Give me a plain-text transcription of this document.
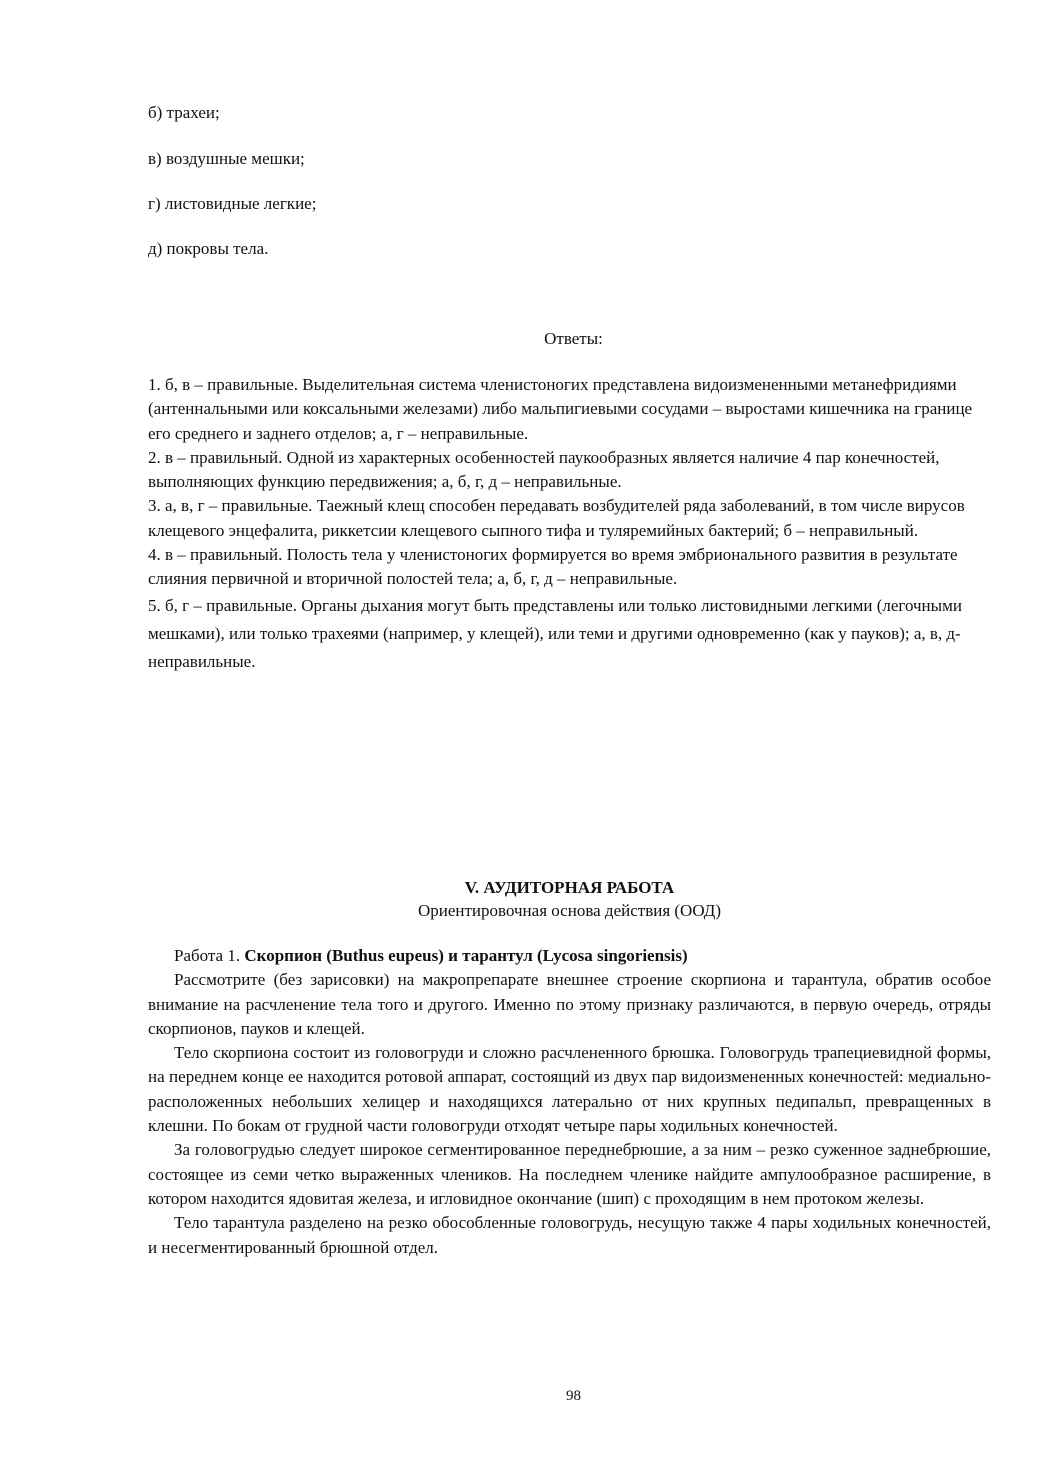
б) трахеи;

в) воздушные мешки;

г) листовидные легкие;

д) покровы тела.

Ответы:

1. б, в – правильные. Выделительная система членистоногих представлена видоизмененными метанефридиями (антеннальными или коксальными железами) либо мальпигиевыми сосудами – выростами кишечника на границе его среднего и заднего отделов; а, г – неправильные.

2. в – правильный. Одной из характерных особенностей паукообразных является наличие 4 пар конечностей, выполняющих функцию передвижения; а, б, г, д – неправильные.

3. а, в, г – правильные. Таежный клещ способен передавать возбудителей ряда заболеваний, в том числе вирусов клещевого энцефалита, риккетсии клещевого сыпного тифа и туляремийных бактерий; б – неправильный.

4. в – правильный. Полость тела у членистоногих формируется во время эмбрионального развития в результате слияния первичной и вторичной полостей тела; а, б, г, д – неправильные.

5. б, г – правильные. Органы дыхания могут быть представлены или только листовидными легкими (легочными мешками), или только трахеями (например, у клещей), или теми и другими одновременно (как у пауков); а, в, д- неправильные.

V. АУДИТОРНАЯ РАБОТА

Ориентировочная основа действия (ООД)

Работа 1. Скорпион (Buthus eupeus) и тарантул (Lycosa singoriensis)

Рассмотрите (без зарисовки) на макропрепарате внешнее строение скорпиона и тарантула, обратив особое внимание на расчленение тела того и другого. Именно по этому признаку различаются, в первую очередь, отряды скорпионов, пауков и клещей.

Тело скорпиона состоит из головогруди и сложно расчлененного брюшка. Головогрудь трапециевидной формы, на переднем конце ее находится ротовой аппарат, состоящий из двух пар видоизмененных конечностей: медиально-расположенных небольших хелицер и находящихся латерально от них крупных педипальп, превращенных в клешни. По бокам от грудной части головогруди отходят четыре пары ходильных конечностей.

За головогрудью следует широкое сегментированное переднебрюшие, а за ним – резко суженное заднебрюшие, состоящее из семи четко выраженных члеников. На последнем членике найдите ампулообразное расширение, в котором находится ядовитая железа, и игловидное окончание (шип) с проходящим в нем протоком железы.

Тело тарантула разделено на резко обособленные головогрудь, несущую также 4 пары ходильных конечностей, и несегментированный брюшной отдел.

98
